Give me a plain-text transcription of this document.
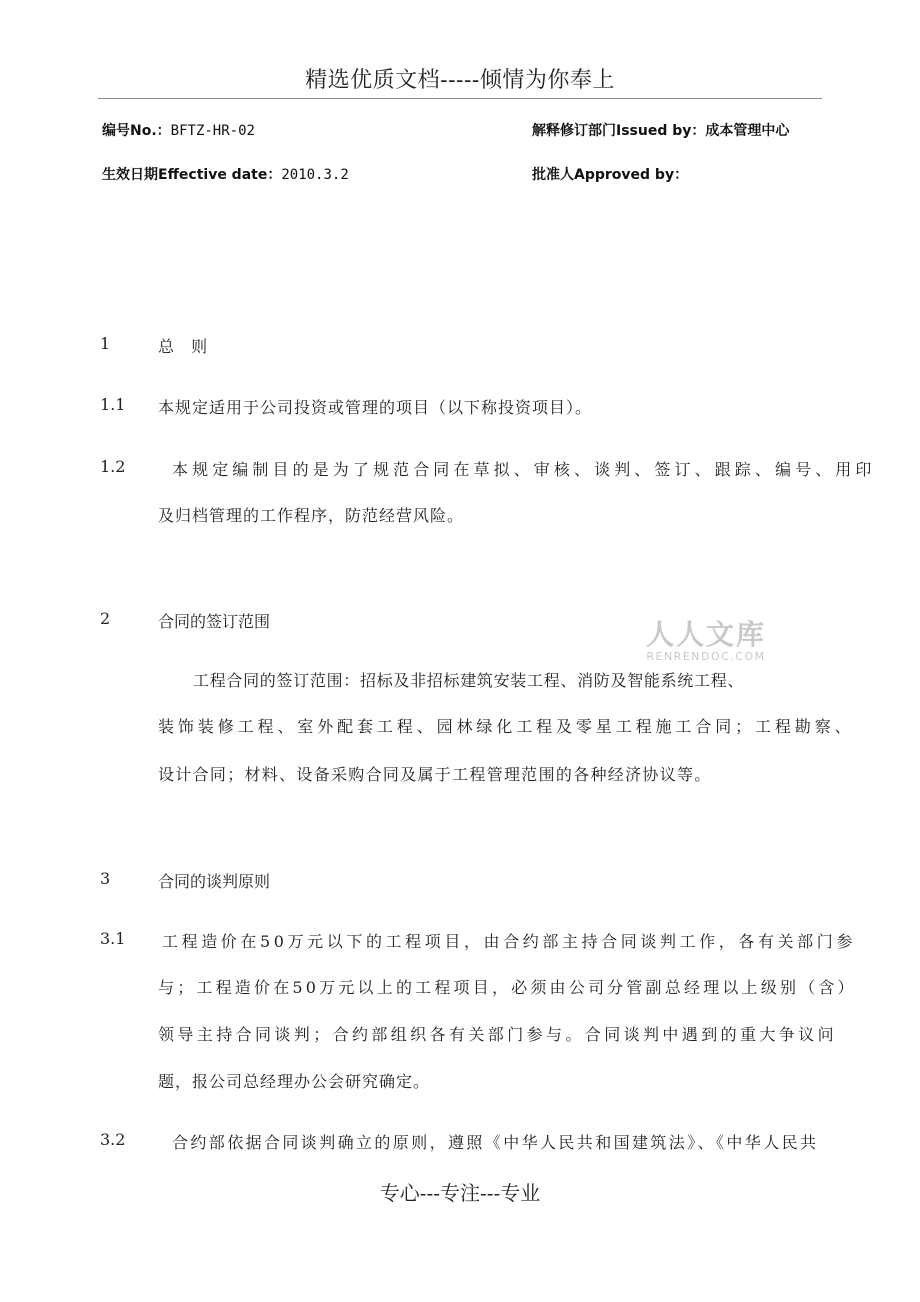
精选优质文档-----倾情为你奉上
编号No.：BFTZ-HR-02	解释修订部门Issued by：成本管理中心
生效日期Effective date：2010.3.2	批准人Approved by：
1	总 则
1.1 本规定适用于公司投资或管理的项目（以下称投资项目）。
1.2	本规定编制目的是为了规范合同在草拟、审核、谈判、签订、跟踪、编号、用印
及归档管理的工作程序，防范经营风险。
2	合同的签订范围
工程合同的签订范围：招标及非招标建筑安装工程、消防及智能系统工程、
装饰装修工程、室外配套工程、园林绿化工程及零星工程施工合同；工程勘察、
设计合同；材料、设备采购合同及属于工程管理范围的各种经济协议等。
3	合同的谈判原则
3.1 工程造价在50万元以下的工程项目，由合约部主持合同谈判工作，各有关部门参
与；工程造价在50万元以上的工程项目，必须由公司分管副总经理以上级别（含）
领导主持合同谈判；合约部组织各有关部门参与。合同谈判中遇到的重大争议问
题，报公司总经理办公会研究确定。
3.2	合约部依据合同谈判确立的原则，遵照《中华人民共和国建筑法》、《中华人民共
人人文库
RENRENDOC.COM
专心---专注---专业
